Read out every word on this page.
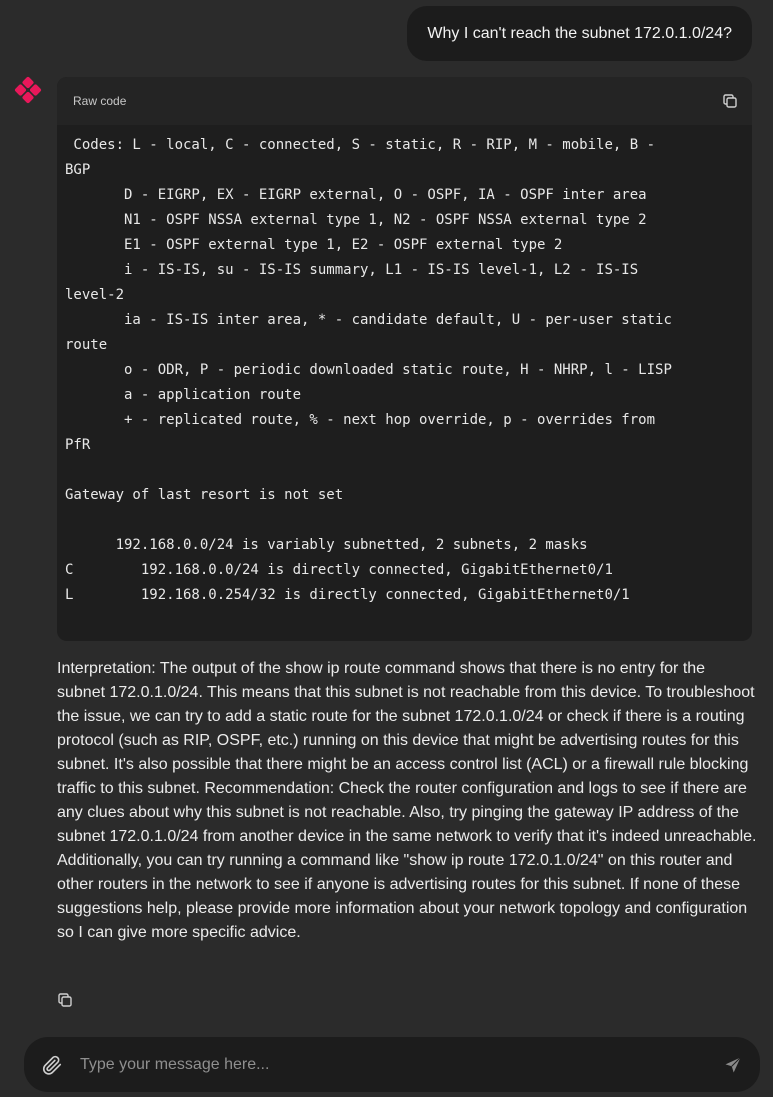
Why I can't reach the subnet 172.0.1.0/24?
Raw code
Codes: L - local, C - connected, S - static, R - RIP, M - mobile, B -
BGP
D - EIGRP, EX - EIGRP external, O - OSPF, IA - OSPF inter area
N1 - OSPF NSSA external type 1, N2 - OSPF NSSA external type 2
E1 - OSPF external type 1, E2 - OSPF external type 2
i - IS-IS, su - IS-IS summary, L1 - IS-IS level-1, L2 - IS-IS
level-2
ia - IS-IS inter area, * - candidate default, U - per-user static
route
o - ODR, P - periodic downloaded static route, H - NHRP, l - LISP
a - application route
+ - replicated route, % - next hop override, p - overrides from
PfR

Gateway of last resort is not set

192.168.0.0/24 is variably subnetted, 2 subnets, 2 masks
C        192.168.0.0/24 is directly connected, GigabitEthernet0/1
L        192.168.0.254/32 is directly connected, GigabitEthernet0/1
Interpretation: The output of the show ip route command shows that there is no entry for the subnet 172.0.1.0/24. This means that this subnet is not reachable from this device. To troubleshoot the issue, we can try to add a static route for the subnet 172.0.1.0/24 or check if there is a routing protocol (such as RIP, OSPF, etc.) running on this device that might be advertising routes for this subnet. It's also possible that there might be an access control list (ACL) or a firewall rule blocking traffic to this subnet. Recommendation: Check the router configuration and logs to see if there are any clues about why this subnet is not reachable. Also, try pinging the gateway IP address of the subnet 172.0.1.0/24 from another device in the same network to verify that it's indeed unreachable. Additionally, you can try running a command like "show ip route 172.0.1.0/24" on this router and other routers in the network to see if anyone is advertising routes for this subnet. If none of these suggestions help, please provide more information about your network topology and configuration so I can give more specific advice.
Type your message here...
